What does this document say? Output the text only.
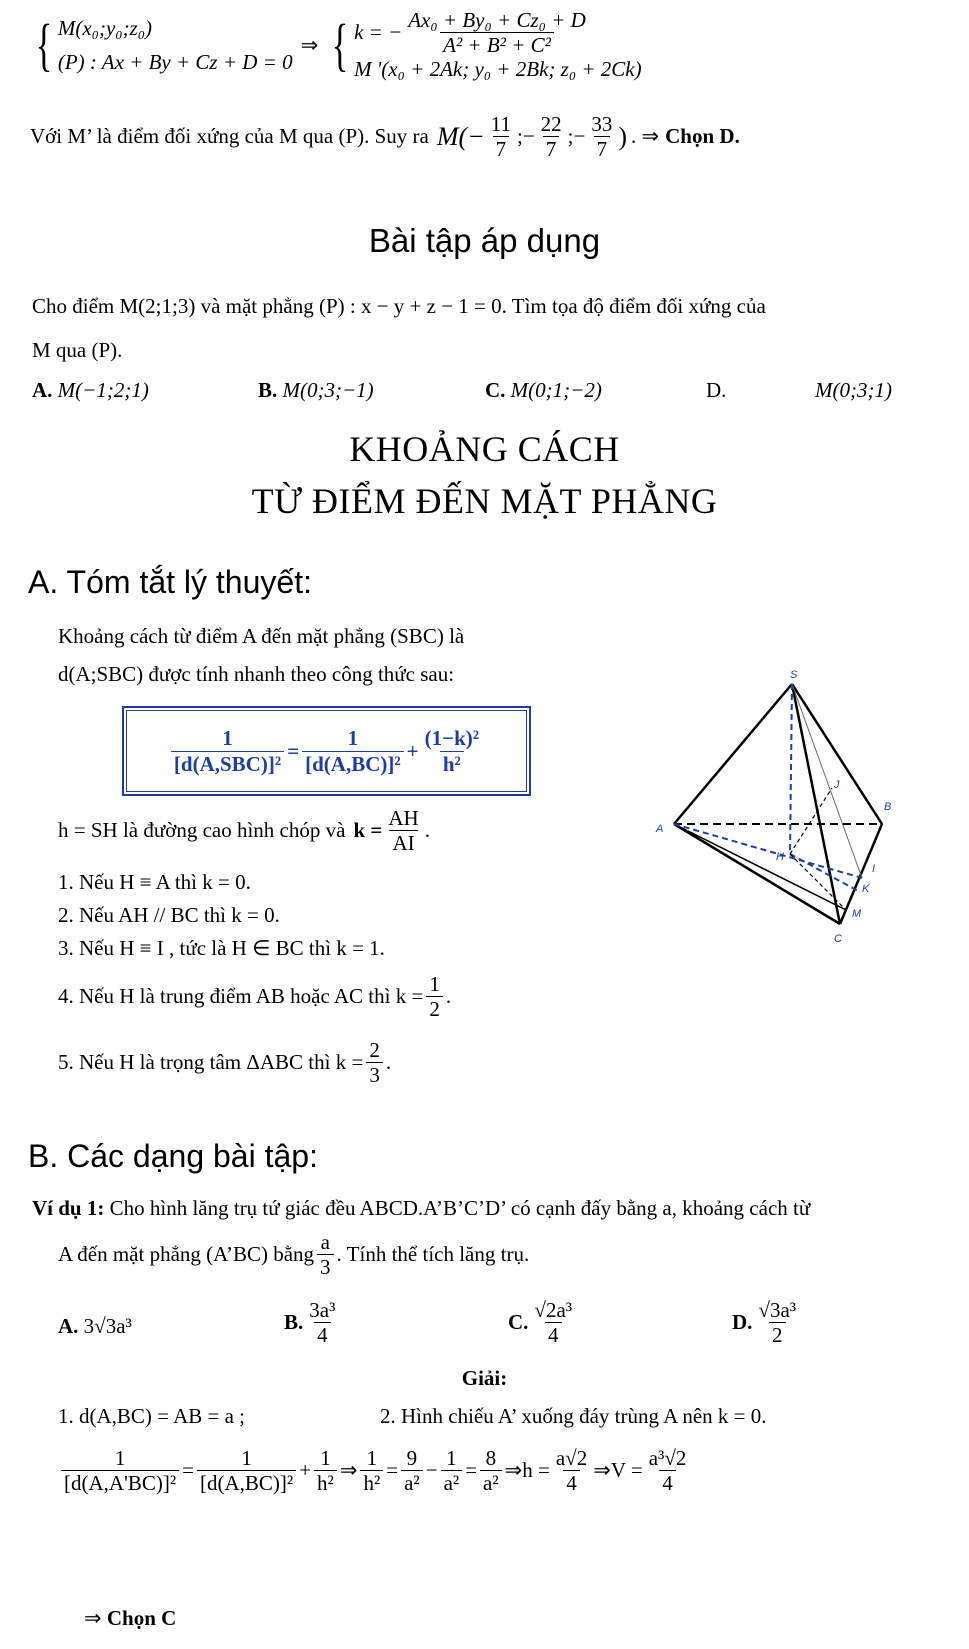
{ M(x₀;y₀;z₀)
(P) : Ax + By + Cz + D = 0
⇒ { k = − $\frac{\text{Ax₀ + By₀ + Cz₀ + D}}{\text{A² + B² + C²}}$
M '(x₀ + 2Ak; y₀ + 2Bk; z₀ + 2Ck)
Với M’ là điểm đối xứng của M qua (P). Suy ra $M(- \frac{11}{7}$ ;− $\frac{22}{7}$ ;− $\frac{33}{7}$ ) . ⇒ Chọn D.
Bài tập áp dụng
Cho điểm M(2;1;3) và mặt phẳng (P) : x − y + z − 1 = 0. Tìm tọa độ điểm đối xứng của
M qua (P).
A. M(−1;2;1)	B. M(0;3;−1)	C. M(0;1;−2)	D.	M(0;3;1)
KHOẢNG CÁCH
TỪ ĐIỂM ĐẾN MẶT PHẲNG
A. Tóm tắt lý thuyết:
Khoảng cách từ điểm A đến mặt phẳng (SBC) là
d(A;SBC) được tính nhanh theo công thức sau:
$\frac{1}{\text{[d(A,SBC)]²}} = \frac{1}{\text{[d(A,BC)]²}} + \frac{\text{(1−k)²}}{\text{h²}}$
h = SH là đường cao hình chóp và $k = \frac{AH}{AI}$ .
1. Nếu H ≡ A thì k = 0.
2. Nếu AH // BC thì k = 0.
3. Nếu H ≡ I , tức là H ∈ BC thì k = 1.
4. Nếu H là trung điểm AB hoặc AC thì $k = \frac{1}{2}$ .
5. Nếu H là trọng tâm ΔABC thì $k = \frac{2}{3}$ .
S
A
B
C
H
I
J
K
M
B. Các dạng bài tập:
Ví dụ 1: Cho hình lăng trụ tứ giác đều ABCD.A’B’C’D’ có cạnh đấy bằng a, khoảng cách từ
A đến mặt phẳng (A’BC) bằng $\frac{a}{3}$ . Tính thể tích lăng trụ.
A. 3√3a³	B. $\frac{\text{3a³}}{4}$	C. $\frac{\text{√2a³}}{4}$	D. $\frac{\text{√3a³}}{2}$
Giải:
1. d(A,BC) = AB = a ;	2. Hình chiếu A’ xuống đáy trùng A nên k = 0.
$\frac{1}{\text{[d(A,A'BC)]²}} = \frac{1}{\text{[d(A,BC)]²}} + \frac{1}{\text{h²}}$ ⇒ $\frac{1}{\text{h²}} = \frac{9}{\text{a²}} - \frac{1}{\text{a²}} = \frac{8}{\text{a²}}$ ⇒ $h = \frac{a√2}{4}$ ⇒ $V = \frac{\text{a³√2}}{4}$
⇒ Chọn C
